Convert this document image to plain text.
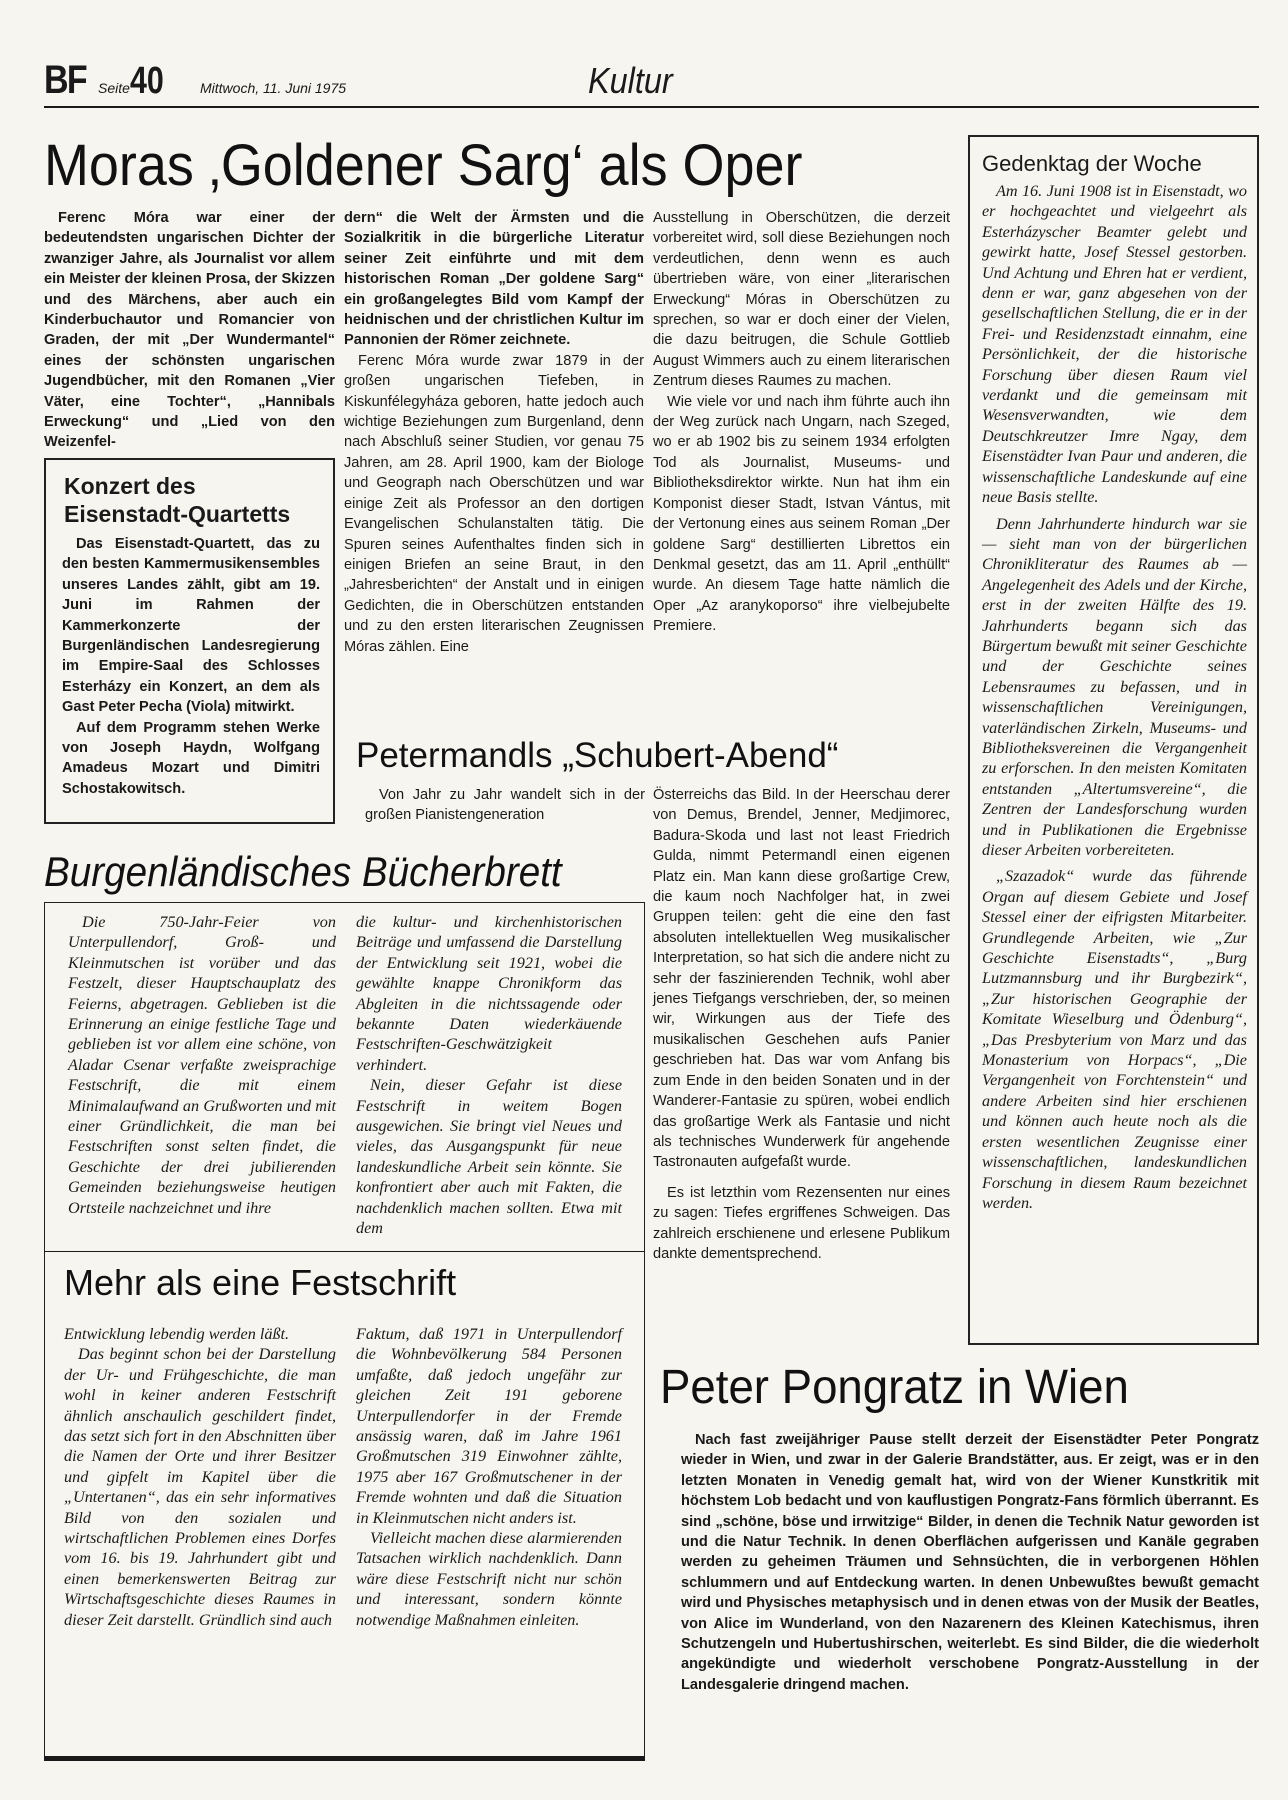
BF Seite 40	Mittwoch, 11. Juni 1975	Kultur
Moras ‚Goldener Sarg‘ als Oper

Ferenc Móra war einer der bedeutendsten ungarischen Dichter der zwanziger Jahre, als Journalist vor allem ein Meister der kleinen Prosa, der Skizzen und des Märchens, aber auch ein Kinderbuchautor und Romancier von Graden, der mit „Der Wundermantel“ eines der schönsten ungarischen Jugendbücher, mit den Romanen „Vier Väter, eine Tochter“, „Hannibals Erweckung“ und „Lied von den Weizenfel-

dern“ die Welt der Ärmsten und die Sozialkritik in die bürgerliche Literatur seiner Zeit einführte und mit dem historischen Roman „Der goldene Sarg“ ein großangelegtes Bild vom Kampf der heidnischen und der christlichen Kultur im Pannonien der Römer zeichnete.

Ferenc Móra wurde zwar 1879 in der großen ungarischen Tiefeben, in Kiskunfélegyháza geboren, hatte jedoch auch wichtige Beziehungen zum Burgenland, denn nach Abschluß seiner Studien, vor genau 75 Jahren, am 28. April 1900, kam der Biologe und Geograph nach Oberschützen und war einige Zeit als Professor an den dortigen Evangelischen Schulanstalten tätig. Die Spuren seines Aufenthaltes finden sich in einigen Briefen an seine Braut, in den „Jahresberichten“ der Anstalt und in einigen Gedichten, die in Oberschützen entstanden und zu den ersten literarischen Zeugnissen Móras zählen. Eine

Ausstellung in Oberschützen, die derzeit vorbereitet wird, soll diese Beziehungen noch verdeutlichen, denn wenn es auch übertrieben wäre, von einer „literarischen Erweckung“ Móras in Oberschützen zu sprechen, so war er doch einer der Vielen, die dazu beitrugen, die Schule Gottlieb August Wimmers auch zu einem literarischen Zentrum dieses Raumes zu machen.

Wie viele vor und nach ihm führte auch ihn der Weg zurück nach Ungarn, nach Szeged, wo er ab 1902 bis zu seinem 1934 erfolgten Tod als Journalist, Museums- und Bibliotheksdirektor wirkte. Nun hat ihm ein Komponist dieser Stadt, Istvan Vántus, mit der Vertonung eines aus seinem Roman „Der goldene Sarg“ destillierten Librettos ein Denkmal gesetzt, das am 11. April „enthüllt“ wurde. An diesem Tage hatte nämlich die Oper „Az aranykoporso“ ihre vielbejubelte Premiere.

Konzert des Eisenstadt-Quartetts

Das Eisenstadt-Quartett, das zu den besten Kammermusikensembles unseres Landes zählt, gibt am 19. Juni im Rahmen der Kammerkonzerte der Burgenländischen Landesregierung im Empire-Saal des Schlosses Esterházy ein Konzert, an dem als Gast Peter Pecha (Viola) mitwirkt.

Auf dem Programm stehen Werke von Joseph Haydn, Wolfgang Amadeus Mozart und Dimitri Schostakowitsch.

Gedenktag der Woche

Am 16. Juni 1908 ist in Eisenstadt, wo er hochgeachtet und vielgeehrt als Esterházyscher Beamter gelebt und gewirkt hatte, Josef Stessel gestorben. Und Achtung und Ehren hat er verdient, denn er war, ganz abgesehen von der gesellschaftlichen Stellung, die er in der Frei- und Residenzstadt einnahm, eine Persönlichkeit, der die historische Forschung über diesen Raum viel verdankt und die gemeinsam mit Wesensverwandten, wie dem Deutschkreutzer Imre Ngay, dem Eisenstädter Ivan Paur und anderen, die wissenschaftliche Landeskunde auf eine neue Basis stellte.

Denn Jahrhunderte hindurch war sie — sieht man von der bürgerlichen Chronikliteratur des Raumes ab — Angelegenheit des Adels und der Kirche, erst in der zweiten Hälfte des 19. Jahrhunderts begann sich das Bürgertum bewußt mit seiner Geschichte und der Geschichte seines Lebensraumes zu befassen, und in wissenschaftlichen Vereinigungen, vaterländischen Zirkeln, Museums- und Bibliotheksvereinen die Vergangenheit zu erforschen. In den meisten Komitaten entstanden „Altertumsvereine“, die Zentren der Landesforschung wurden und in Publikationen die Ergebnisse dieser Arbeiten vorbereiteten.

„Szazadok“ wurde das führende Organ auf diesem Gebiete und Josef Stessel einer der eifrigsten Mitarbeiter. Grundlegende Arbeiten, wie „Zur Geschichte Eisenstadts“, „Burg Lutzmannsburg und ihr Burgbezirk“, „Zur historischen Geographie der Komitate Wieselburg und Ödenburg“, „Das Presbyterium von Marz und das Monasterium von Horpacs“, „Die Vergangenheit von Forchtenstein“ und andere Arbeiten sind hier erschienen und können auch heute noch als die ersten wesentlichen Zeugnisse einer wissenschaftlichen, landeskundlichen Forschung in diesem Raum bezeichnet werden.

Petermandls „Schubert-Abend“

Von Jahr zu Jahr wandelt sich in der großen Pianistengeneration

Österreichs das Bild. In der Heerschau derer von Demus, Brendel, Jenner, Medjimorec, Badura-Skoda und last not least Friedrich Gulda, nimmt Petermandl einen eigenen Platz ein. Man kann diese großartige Crew, die kaum noch Nachfolger hat, in zwei Gruppen teilen: geht die eine den fast absoluten intellektuellen Weg musikalischer Interpretation, so hat sich die andere nicht zu sehr der faszinierenden Technik, wohl aber jenes Tiefgangs verschrieben, der, so meinen wir, Wirkungen aus der Tiefe des musikalischen Geschehen aufs Panier geschrieben hat. Das war vom Anfang bis zum Ende in den beiden Sonaten und in der Wanderer-Fantasie zu spüren, wobei endlich das großartige Werk als Fantasie und nicht als technisches Wunderwerk für angehende Tastronauten aufgefaßt wurde.

Es ist letzthin vom Rezensenten nur eines zu sagen: Tiefes ergriffenes Schweigen. Das zahlreich erschienene und erlesene Publikum dankte dementsprechend.

Burgenländisches Bücherbrett

Die 750-Jahr-Feier von Unterpullendorf, Groß- und Kleinmutschen ist vorüber und das Festzelt, dieser Hauptschauplatz des Feierns, abgetragen. Geblieben ist die Erinnerung an einige festliche Tage und geblieben ist vor allem eine schöne, von Aladar Csenar verfaßte zweisprachige Festschrift, die mit einem Minimalaufwand an Grußworten und mit einer Gründlichkeit, die man bei Festschriften sonst selten findet, die Geschichte der drei jubilierenden Gemeinden beziehungsweise heutigen Ortsteile nachzeichnet und ihre

die kultur- und kirchenhistorischen Beiträge und umfassend die Darstellung der Entwicklung seit 1921, wobei die gewählte knappe Chronikform das Abgleiten in die nichtssagende oder bekannte Daten wiederkäuende Festschriften-Geschwätzigkeit verhindert.

Nein, dieser Gefahr ist diese Festschrift in weitem Bogen ausgewichen. Sie bringt viel Neues und vieles, das Ausgangspunkt für neue landeskundliche Arbeit sein könnte. Sie konfrontiert aber auch mit Fakten, die nachdenklich machen sollten. Etwa mit dem

Mehr als eine Festschrift

Entwicklung lebendig werden läßt.

Das beginnt schon bei der Darstellung der Ur- und Frühgeschichte, die man wohl in keiner anderen Festschrift ähnlich anschaulich geschildert findet, das setzt sich fort in den Abschnitten über die Namen der Orte und ihrer Besitzer und gipfelt im Kapitel über die „Untertanen“, das ein sehr informatives Bild von den sozialen und wirtschaftlichen Problemen eines Dorfes vom 16. bis 19. Jahrhundert gibt und einen bemerkenswerten Beitrag zur Wirtschaftsgeschichte dieses Raumes in dieser Zeit darstellt. Gründlich sind auch

Faktum, daß 1971 in Unterpullendorf die Wohnbevölkerung 584 Personen umfaßte, daß jedoch ungefähr zur gleichen Zeit 191 geborene Unterpullendorfer in der Fremde ansässig waren, daß im Jahre 1961 Großmutschen 319 Einwohner zählte, 1975 aber 167 Großmutschener in der Fremde wohnten und daß die Situation in Kleinmutschen nicht anders ist.

Vielleicht machen diese alarmierenden Tatsachen wirklich nachdenklich. Dann wäre diese Festschrift nicht nur schön und interessant, sondern könnte notwendige Maßnahmen einleiten.

Peter Pongratz in Wien

Nach fast zweijähriger Pause stellt derzeit der Eisenstädter Peter Pongratz wieder in Wien, und zwar in der Galerie Brandstätter, aus. Er zeigt, was er in den letzten Monaten in Venedig gemalt hat, wird von der Wiener Kunstkritik mit höchstem Lob bedacht und von kauflustigen Pongratz-Fans förmlich überrannt. Es sind „schöne, böse und irrwitzige“ Bilder, in denen die Technik Natur geworden ist und die Natur Technik. In denen Oberflächen aufgerissen und Kanäle gegraben werden zu geheimen Träumen und Sehnsüchten, die in verborgenen Höhlen schlummern und auf Entdeckung warten. In denen Unbewußtes bewußt gemacht wird und Physisches metaphysisch und in denen etwas von der Musik der Beatles, von Alice im Wunderland, von den Nazarenern des Kleinen Katechismus, ihren Schutzengeln und Hubertushirschen, weiterlebt. Es sind Bilder, die die wiederholt angekündigte und wiederholt verschobene Pongratz-Ausstellung in der Landesgalerie dringend machen.
